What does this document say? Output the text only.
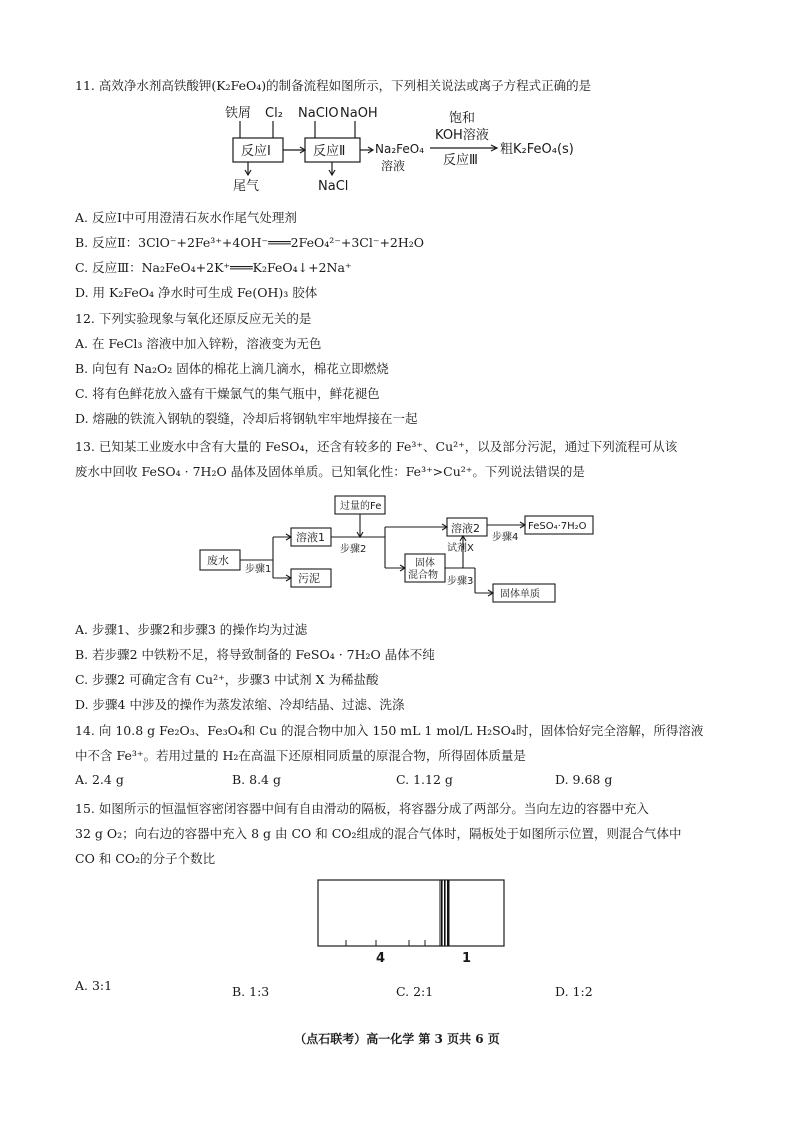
11. 高效净水剂高铁酸钾(K₂FeO₄)的制备流程如图所示，下列相关说法或离子方程式正确的是
铁屑 Cl₂ NaClO NaOH
反应Ⅰ	反应Ⅱ
尾气	NaCl
Na₂FeO₄
溶液
饱和
KOH溶液
反应Ⅲ
粗K₂FeO₄(s)
A. 反应Ⅰ中可用澄清石灰水作尾气处理剂
B. 反应Ⅱ：3ClO⁻+2Fe³⁺+4OH⁻═══2FeO₄²⁻+3Cl⁻+2H₂O
C. 反应Ⅲ：Na₂FeO₄+2K⁺═══K₂FeO₄↓+2Na⁺
D. 用 K₂FeO₄ 净水时可生成 Fe(OH)₃ 胶体
12. 下列实验现象与氧化还原反应无关的是
A. 在 FeCl₃ 溶液中加入锌粉，溶液变为无色
B. 向包有 Na₂O₂ 固体的棉花上滴几滴水，棉花立即燃烧
C. 将有色鲜花放入盛有干燥氯气的集气瓶中，鲜花褪色
D. 熔融的铁流入钢轨的裂缝，冷却后将钢轨牢牢地焊接在一起
13. 已知某工业废水中含有大量的 FeSO₄，还含有较多的 Fe³⁺、Cu²⁺，以及部分污泥，通过下列流程可从该
废水中回收 FeSO₄ · 7H₂O 晶体及固体单质。已知氧化性：Fe³⁺>Cu²⁺。下列说法错误的是
废水
步骤1
溶液1
污泥
过量的Fe
步骤2
固体
混合物
试剂X
步骤3
溶液2
步骤4
FeSO₄·7H₂O
固体单质
A. 步骤1、步骤2和步骤3 的操作均为过滤
B. 若步骤2 中铁粉不足，将导致制备的 FeSO₄ · 7H₂O 晶体不纯
C. 步骤2 可确定含有 Cu²⁺，步骤3 中试剂 X 为稀盐酸
D. 步骤4 中涉及的操作为蒸发浓缩、冷却结晶、过滤、洗涤
14. 向 10.8 g Fe₂O₃、Fe₃O₄和 Cu 的混合物中加入 150 mL 1 mol/L H₂SO₄时，固体恰好完全溶解，所得溶液
中不含 Fe³⁺。若用过量的 H₂在高温下还原相同质量的原混合物，所得固体质量是
A. 2.4 g	B. 8.4 g	C. 1.12 g	D. 9.68 g
15. 如图所示的恒温恒容密闭容器中间有自由滑动的隔板，将容器分成了两部分。当向左边的容器中充入
32 g O₂；向右边的容器中充入 8 g 由 CO 和 CO₂组成的混合气体时，隔板处于如图所示位置，则混合气体中
CO 和 CO₂的分子个数比
4	1
A. 3:1	B. 1:3	C. 2:1	D. 1:2
（点石联考）高一化学 第 3 页共 6 页
